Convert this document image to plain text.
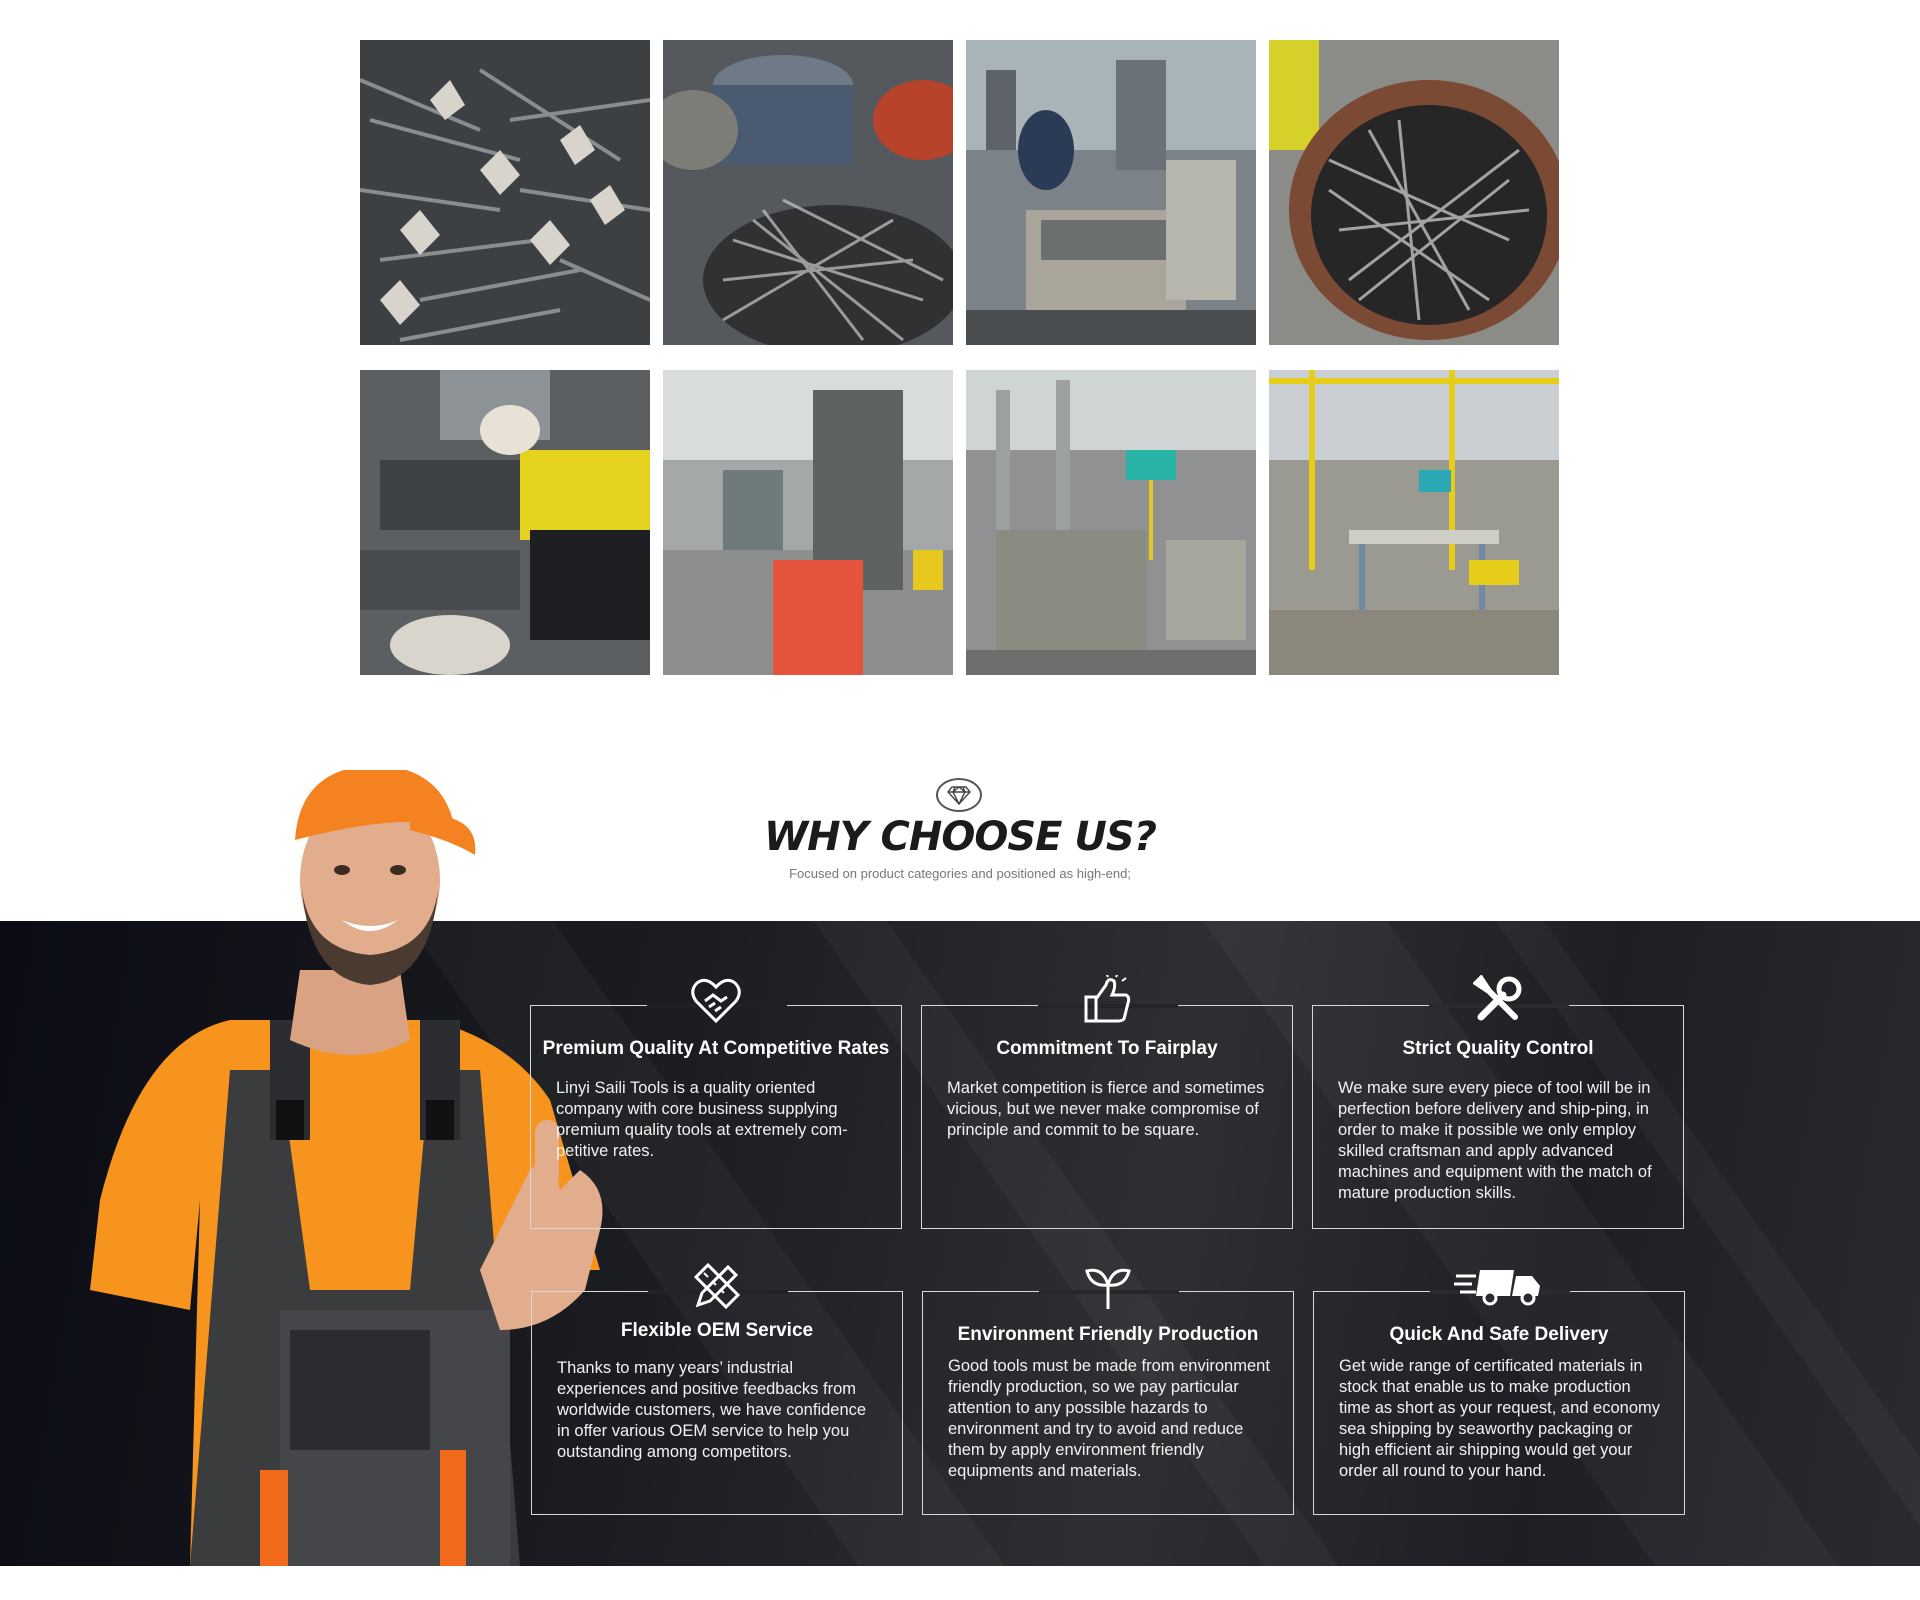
WHY CHOOSE US?
Focused on product categories and positioned as high-end;
Premium Quality At Competitive Rates

Linyi Saili Tools is a quality oriented company with core business supplying premium quality tools at extremely com-petitive rates.

Commitment To Fairplay

Market competition is fierce and sometimes vicious, but we never make compromise of principle and commit to be square.

Strict Quality Control

We make sure every piece of tool will be in perfection before delivery and ship-ping, in order to make it possible we only employ skilled craftsman and apply advanced machines and equipment with the match of mature production skills.

Flexible OEM Service

Thanks to many years’ industrial experiences and positive feedbacks from worldwide customers, we have confidence in offer various OEM service to help you outstanding among competitors.

Environment Friendly Production

Good tools must be made from environment friendly production, so we pay particular attention to any possible hazards to environment and try to avoid and reduce them by apply environment friendly equipments and materials.

Quick And Safe Delivery

Get wide range of certificated materials in stock that enable us to make production time as short as your request, and economy sea shipping by seaworthy packaging or high efficient air shipping would get your order all round to your hand.
